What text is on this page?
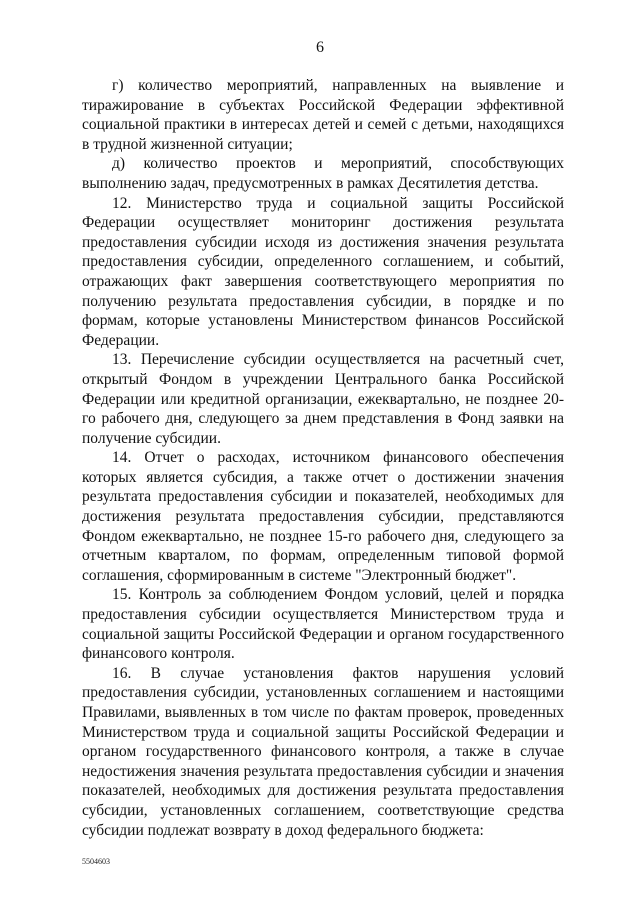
6

г) количество мероприятий, направленных на выявление и тиражирование в субъектах Российской Федерации эффективной социальной практики в интересах детей и семей с детьми, находящихся в трудной жизненной ситуации;

д) количество проектов и мероприятий, способствующих выполнению задач, предусмотренных в рамках Десятилетия детства.

12. Министерство труда и социальной защиты Российской Федерации осуществляет мониторинг достижения результата предоставления субсидии исходя из достижения значения результата предоставления субсидии, определенного соглашением, и событий, отражающих факт завершения соответствующего мероприятия по получению результата предоставления субсидии, в порядке и по формам, которые установлены Министерством финансов Российской Федерации.

13. Перечисление субсидии осуществляется на расчетный счет, открытый Фондом в учреждении Центрального банка Российской Федерации или кредитной организации, ежеквартально, не позднее 20-го рабочего дня, следующего за днем представления в Фонд заявки на получение субсидии.

14. Отчет о расходах, источником финансового обеспечения которых является субсидия, а также отчет о достижении значения результата предоставления субсидии и показателей, необходимых для достижения результата предоставления субсидии, представляются Фондом ежеквартально, не позднее 15-го рабочего дня, следующего за отчетным кварталом, по формам, определенным типовой формой соглашения, сформированным в системе "Электронный бюджет".

15. Контроль за соблюдением Фондом условий, целей и порядка предоставления субсидии осуществляется Министерством труда и социальной защиты Российской Федерации и органом государственного финансового контроля.

16. В случае установления фактов нарушения условий предоставления субсидии, установленных соглашением и настоящими Правилами, выявленных в том числе по фактам проверок, проведенных Министерством труда и социальной защиты Российской Федерации и органом государственного финансового контроля, а также в случае недостижения значения результата предоставления субсидии и значения показателей, необходимых для достижения результата предоставления субсидии, установленных соглашением, соответствующие средства субсидии подлежат возврату в доход федерального бюджета:

5504603
